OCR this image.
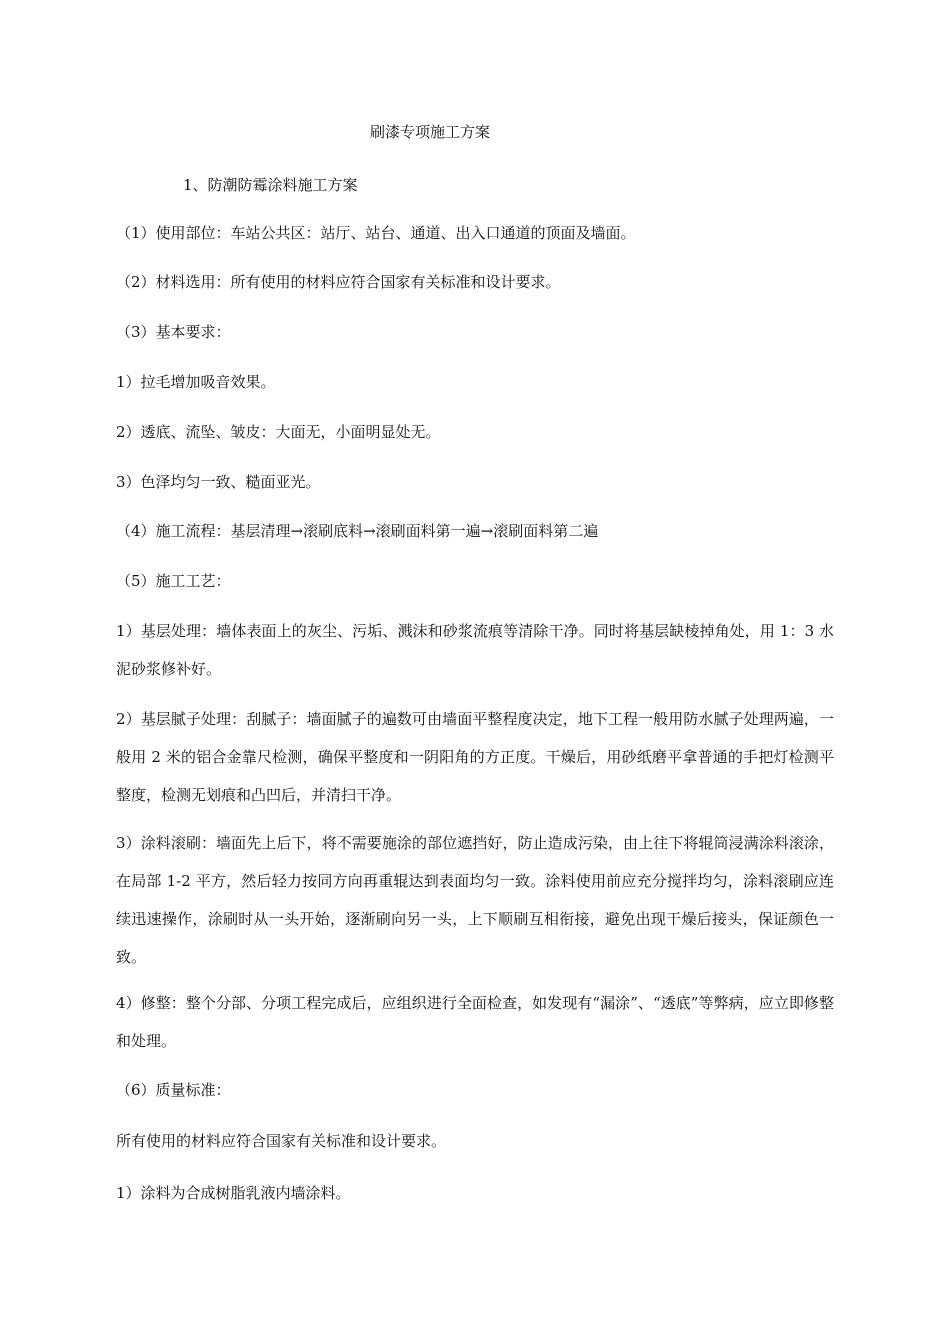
刷漆专项施工方案
1、防潮防霉涂料施工方案
（1）使用部位：车站公共区：站厅、站台、通道、出入口通道的顶面及墙面。
（2）材料选用：所有使用的材料应符合国家有关标准和设计要求。
（3）基本要求：
1）拉毛增加吸音效果。
2）透底、流坠、皱皮：大面无，小面明显处无。
3）色泽均匀一致、糙面亚光。
（4）施工流程：基层清理→滚刷底料→滚刷面料第一遍→滚刷面料第二遍
（5）施工工艺：
1）基层处理：墙体表面上的灰尘、污垢、溅沫和砂浆流痕等清除干净。同时将基层缺棱掉角处，用 1：3 水泥砂浆修补好。
2）基层腻子处理：刮腻子：墙面腻子的遍数可由墙面平整程度决定，地下工程一般用防水腻子处理两遍，一般用 2 米的铝合金靠尺检测，确保平整度和一阴阳角的方正度。干燥后，用砂纸磨平拿普通的手把灯检测平整度，检测无划痕和凸凹后，并清扫干净。
3）涂料滚刷：墙面先上后下，将不需要施涂的部位遮挡好，防止造成污染，由上往下将辊筒浸满涂料滚涂，在局部 1-2 平方，然后轻力按同方向再重辊达到表面均匀一致。涂料使用前应充分搅拌均匀，涂料滚刷应连续迅速操作，涂刷时从一头开始，逐渐刷向另一头，上下顺刷互相衔接，避免出现干燥后接头，保证颜色一致。
4）修整：整个分部、分项工程完成后，应组织进行全面检查，如发现有“漏涂”、“透底”等弊病，应立即修整和处理。
（6）质量标准：
所有使用的材料应符合国家有关标准和设计要求。
1）涂料为合成树脂乳液内墙涂料。
